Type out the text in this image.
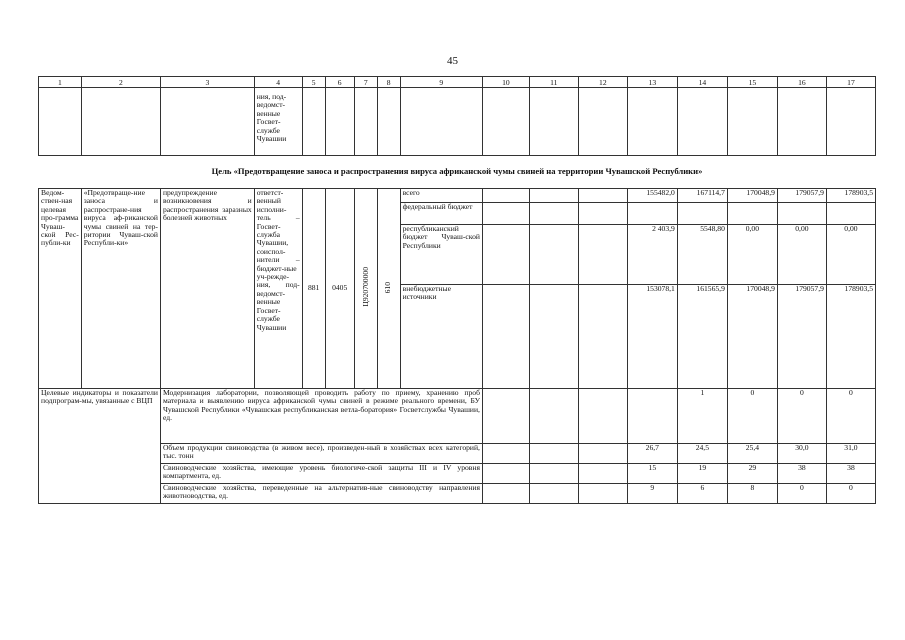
45
1	2	3	4	5	6	7	8	9	10	11	12	13	14	15	16	17
			ния, под-ведомст-венные Госвет-службе Чувашии													
Цель «Предотвращение заноса и распространения вируса африканской чумы свиней на территории Чувашской Республики»
Ведом-ствен-ная целевая про-грамма Чуваш-ской Рес-публи-ки	«Предотвраще-ние заноса и распростране-ния вируса аф-риканской чумы свиней на тер-ритории Чуваш-ской Республи-ки»	предупреждение возникновения и распространения заразных болезней животных	ответст-венный исполни-тель – Госвет-служба Чувашии, соиспол-нители – бюджет-ные уч-режде-ния, под-ведомст-венные Госвет-службе Чувашии	881	0405	Ц920700000	610	всего				155482,0	167114,7	170048,9	179057,9	178903,5
								федеральный бюджет								
								республиканский бюджет Чуваш-ской Республики				2 403,9	5548,80	0,00	0,00	0,00
								внебюджетные источники				153078,1	161565,9	170048,9	179057,9	178903,5
Целевые индикаторы и показатели подпрограм-мы, увязанные с ВЦП		Модернизация лаборатории, позволяющей проводить работу по приему, хранению проб материала и выявлению вируса африканской чумы свиней в режиме реального времени, БУ Чувашской Республики «Чувашская республиканская ветла-боратория» Госветслужбы Чувашии, ед.											1	0	0	0
		Объем продукции свиноводства (в живом весе), произведен-ный в хозяйствах всех категорий, тыс. тонн										26,7	24,5	25,4	30,0	31,0
		Свиноводческие хозяйства, имеющие уровень биологиче-ской защиты III и IV уровня компартмента, ед.										15	19	29	38	38
		Свиноводческие хозяйства, переведенные на альтернатив-ные свиноводству направления животноводства, ед.										9	6	8	0	0
